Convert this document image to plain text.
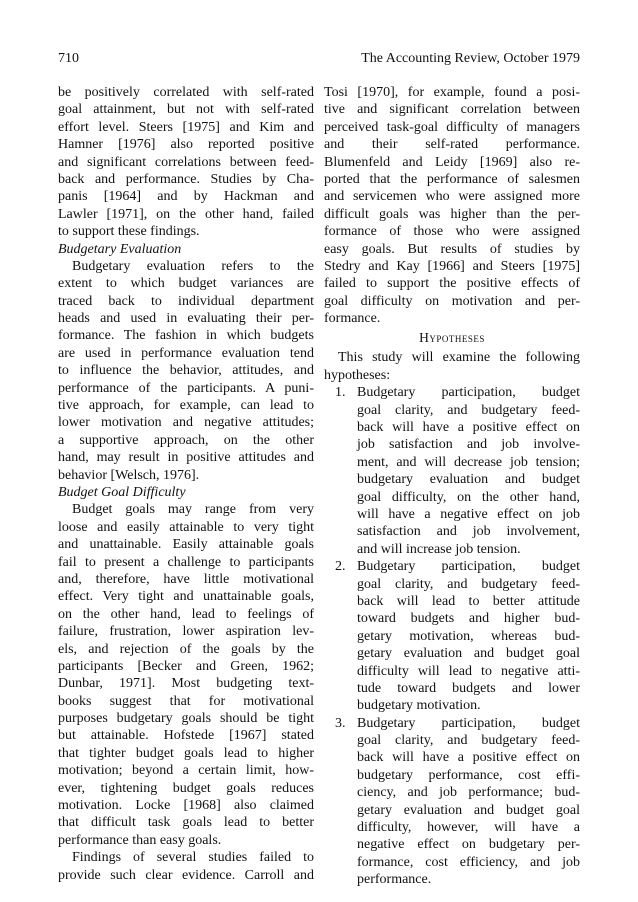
710	The Accounting Review, October 1979
be positively correlated with self-rated
goal attainment, but not with self-rated
effort level. Steers [1975] and Kim and
Hamner [1976] also reported positive
and significant correlations between feed-
back and performance. Studies by Cha-
panis [1964] and by Hackman and
Lawler [1971], on the other hand, failed
to support these findings.
Budgetary Evaluation
Budgetary evaluation refers to the
extent to which budget variances are
traced back to individual department
heads and used in evaluating their per-
formance. The fashion in which budgets
are used in performance evaluation tend
to influence the behavior, attitudes, and
performance of the participants. A puni-
tive approach, for example, can lead to
lower motivation and negative attitudes;
a supportive approach, on the other
hand, may result in positive attitudes and
behavior [Welsch, 1976].
Budget Goal Difficulty
Budget goals may range from very
loose and easily attainable to very tight
and unattainable. Easily attainable goals
fail to present a challenge to participants
and, therefore, have little motivational
effect. Very tight and unattainable goals,
on the other hand, lead to feelings of
failure, frustration, lower aspiration lev-
els, and rejection of the goals by the
participants [Becker and Green, 1962;
Dunbar, 1971]. Most budgeting text-
books suggest that for motivational
purposes budgetary goals should be tight
but attainable. Hofstede [1967] stated
that tighter budget goals lead to higher
motivation; beyond a certain limit, how-
ever, tightening budget goals reduces
motivation. Locke [1968] also claimed
that difficult task goals lead to better
performance than easy goals.
Findings of several studies failed to
provide such clear evidence. Carroll and
Tosi [1970], for example, found a posi-
tive and significant correlation between
perceived task-goal difficulty of managers
and their self-rated performance.
Blumenfeld and Leidy [1969] also re-
ported that the performance of salesmen
and servicemen who were assigned more
difficult goals was higher than the per-
formance of those who were assigned
easy goals. But results of studies by
Stedry and Kay [1966] and Steers [1975]
failed to support the positive effects of
goal difficulty on motivation and per-
formance.
Hypotheses
This study will examine the following
hypotheses:
1. Budgetary participation, budget
goal clarity, and budgetary feed-
back will have a positive effect on
job satisfaction and job involve-
ment, and will decrease job tension;
budgetary evaluation and budget
goal difficulty, on the other hand,
will have a negative effect on job
satisfaction and job involvement,
and will increase job tension.
2. Budgetary participation, budget
goal clarity, and budgetary feed-
back will lead to better attitude
toward budgets and higher bud-
getary motivation, whereas bud-
getary evaluation and budget goal
difficulty will lead to negative atti-
tude toward budgets and lower
budgetary motivation.
3. Budgetary participation, budget
goal clarity, and budgetary feed-
back will have a positive effect on
budgetary performance, cost effi-
ciency, and job performance; bud-
getary evaluation and budget goal
difficulty, however, will have a
negative effect on budgetary per-
formance, cost efficiency, and job
performance.
